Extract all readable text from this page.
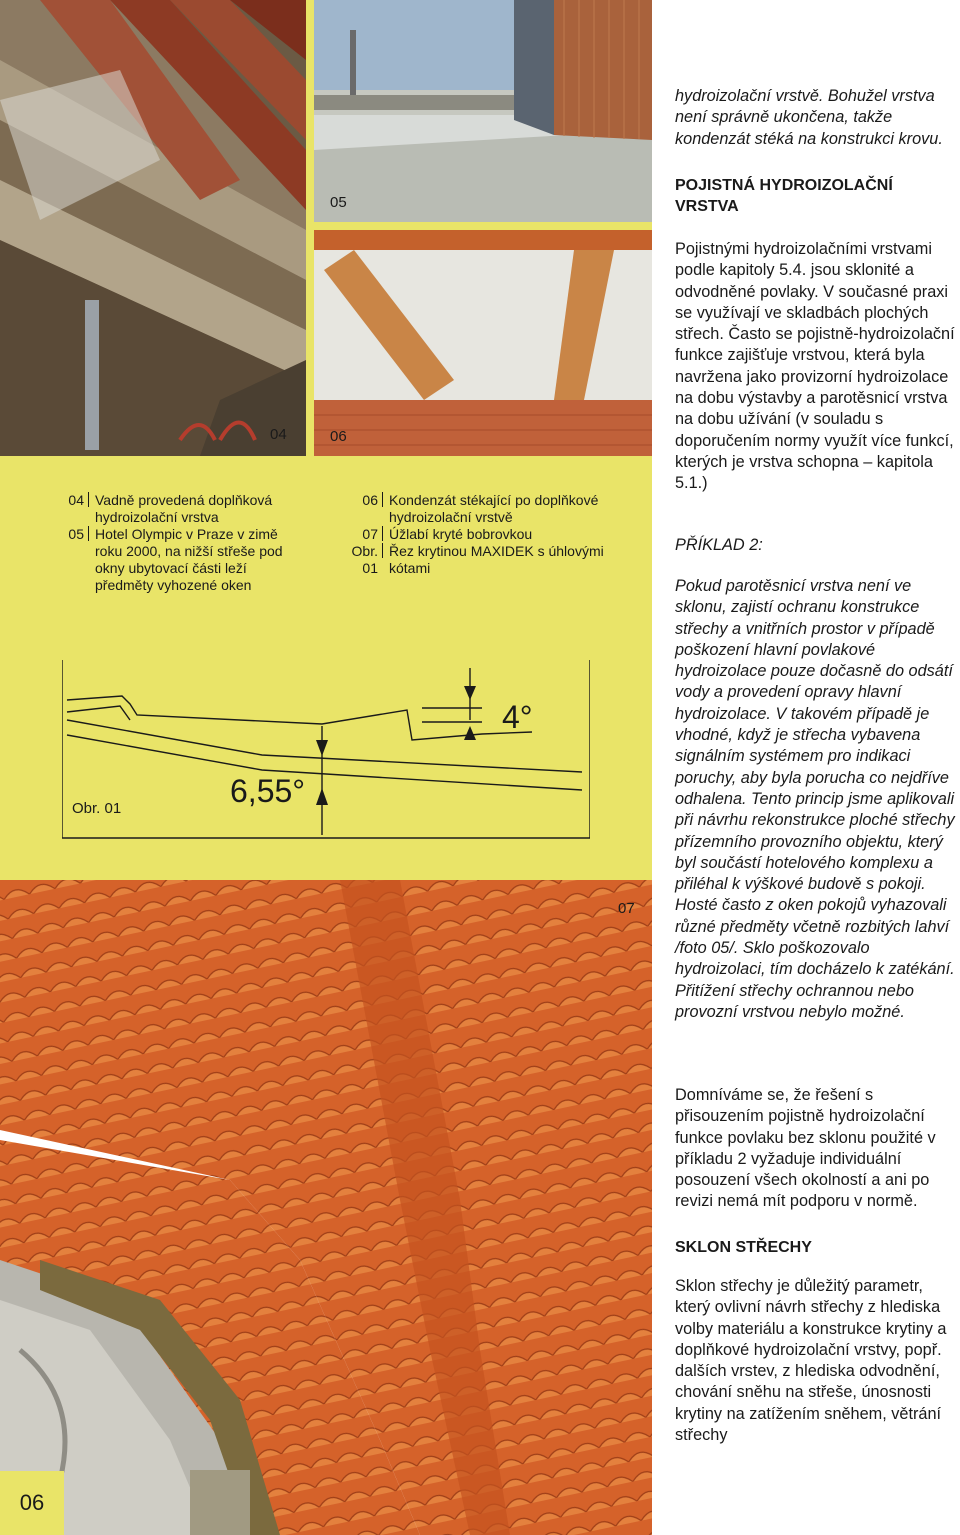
04
05
06
04 Vadně provedená doplňková hydroizolační vrstva
05 Hotel Olympic v Praze v zimě roku 2000, na nižší střeše pod okny ubytovací části leží předměty vyhozené oken
06 Kondenzát stékající po doplňkové hydroizolační vrstvě
07 Úžlabí kryté bobrovkou
Obr. 01
Řez krytinou MAXIDEK s úhlovými kótami
6,55°
4°
Obr. 01
07

hydroizolační vrstvě. Bohužel vrstva není správně ukončena, takže kondenzát stéká na konstrukci krovu.

POJISTNÁ HYDROIZOLAČNÍ VRSTVA

Pojistnými hydroizolačními vrstvami podle kapitoly 5.4. jsou sklonité a odvodněné povlaky. V současné praxi se využívají ve skladbách plochých střech. Často se pojistně-hydroizolační funkce zajišťuje vrstvou, která byla navržena jako provizorní hydroizolace na dobu výstavby a parotěsnicí vrstva na dobu užívání (v souladu s doporučením normy využít více funkcí, kterých je vrstva schopna – kapitola 5.1.)

PŘÍKLAD 2:

Pokud parotěsnicí vrstva není ve sklonu, zajistí ochranu konstrukce střechy a vnitřních prostor v případě poškození hlavní povlakové hydroizolace pouze dočasně do odsátí vody a provedení opravy hlavní hydroizolace. V takovém případě je vhodné, když je střecha vybavena signálním systémem pro indikaci poruchy, aby byla porucha co nejdříve odhalena. Tento princip jsme aplikovali při návrhu rekonstrukce ploché střechy přízemního provozního objektu, který byl součástí hotelového komplexu a přiléhal k výškové budově s pokoji. Hosté často z oken pokojů vyhazovali různé předměty včetně rozbitých lahví /foto 05/. Sklo poškozovalo hydroizolaci, tím docházelo k zatékání. Přitížení střechy ochrannou nebo provozní vrstvou nebylo možné.

Domníváme se, že řešení s přisouzením pojistně hydroizolační funkce povlaku bez sklonu použité v příkladu 2 vyžaduje individuální posouzení všech okolností a ani po revizi nemá mít podporu v normě.

SKLON STŘECHY

Sklon střechy je důležitý parametr, který ovlivní návrh střechy z hlediska volby materiálu a konstrukce krytiny a doplňkové hydroizolační vrstvy, popř. dalších vrstev, z hlediska odvodnění, chování sněhu na střeše, únosnosti krytiny na zatížením sněhem, větrání střechy

06
